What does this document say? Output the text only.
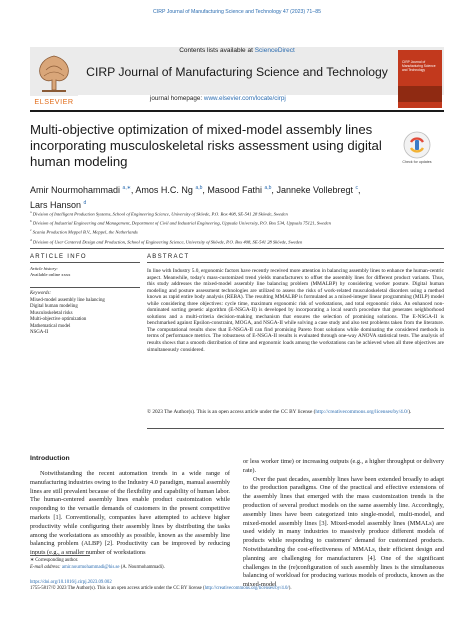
CIRP Journal of Manufacturing Science and Technology 47 (2023) 71–85
ELSEVIER
Contents lists available at ScienceDirect
CIRP Journal of Manufacturing Science and Technology
journal homepage: www.elsevier.com/locate/cirpj
CIRP Journal of Manufacturing Science and Technology
Multi-objective optimization of mixed-model assembly lines incorporating musculoskeletal risks assessment using digital human modeling	Check for updates
Amir Nourmohammadi $^{a,∗}$, Amos H.C. Ng $^{a,b}$, Masood Fathi $^{a,b}$, Janneke Vollebregt $^c$,
Lars Hanson $^d$
$^a$ Division of Intelligent Production Systems, School of Engineering Science, University of Skövde, P.O. Box 408, SE-541 28 Skövde, Sweden
$^b$ Division of Industrial Engineering and Management, Department of Civil and Industrial Engineering, Uppsala University, P.O. Box 534, Uppsala 75121, Sweden
$^c$ Scania Production Meppel B.V., Meppel, the Netherlands
$^d$ Division of User Centered Design and Production, School of Engineering Science, University of Skövde, P.O. Box 408, SE-541 28 Skövde, Sweden
ARTICLE INFO	ABSTRACT
Article history:
Available online xxxx
Keywords:
Mixed-model assembly line balancing
Digital human modeling
Musculoskeletal risks
Multi-objective optimization
Mathematical model
NSGA-II

In line with Industry 5.0, ergonomic factors have recently received more attention in balancing assembly lines to enhance the human-centric aspect. Meanwhile, today's mass-customized trend yields manufacturers to offset the assembly lines for different product variants. Thus, this study addresses the mixed-model assembly line balancing problem (MMALBP) by considering worker posture. Digital human modeling and posture assessment technologies are utilized to assess the risks of work-related musculoskeletal disorders using a method known as rapid entire body analysis (REBA). The resulting MMALBP is formulated as a mixed-integer linear programming (MILP) model while considering three objectives: cycle time, maximum ergonomic risk of workstations, and total ergonomic risks. An enhanced non-dominated sorting genetic algorithm (E-NSGA-II) is developed by incorporating a local search procedure that generates neighborhood solutions and a multi-criteria decision-making mechanism that ensures the selection of promising solutions. The E-NSGA-II is benchmarked against Epsilon-constraint, MOGA, and NSGA-II while solving a case study and also test problems taken from the literature. The computational results show that E-NSGA-II can find promising Pareto front solutions while dominating the considered methods in terms of performance metrics. The robustness of E-NSGA-II results is evaluated through one-way ANOVA statistical tests. The analysis of results shows that a smooth distribution of time and ergonomic loads among the workstations can be achieved when all three objectives are simultaneously considered.

© 2023 The Author(s). This is an open access article under the CC BY license (http://creativecommons.org/licenses/by/4.0/).
Introduction

Notwithstanding the recent automation trends in a wide range of manufacturing industries owing to the Industry 4.0 paradigm, manual assembly lines are still prevalent because of the flexibility and capability of human labor. The human-centered assembly lines enable product customization while responding to the versatile demands of customers in the present competitive markets [1]. Conventionally, companies have attempted to achieve higher productivity while configuring their assembly lines by distributing the tasks among the workstations as smoothly as possible, known as the assembly line balancing problem (ALBP) [2]. Productivity can be improved by reducing inputs (e.g., a smaller number of workstations

or less worker time) or increasing outputs (e.g., a higher throughput or delivery rate).

Over the past decades, assembly lines have been extended broadly to adapt to the production paradigms. One of the practical and effective extensions of the assembly lines that emerged with the mass customization trends is the production of several product models on the same assembly line. Accordingly, assembly lines have been categorized into single-model, multi-model, and mixed-model assembly lines [3]. Mixed-model assembly lines (MMALs) are used widely in many industries to massively produce different models of products while responding to customers' demand for customized products. Notwithstanding the cost-effectiveness of MMALs, their efficient design and planning are challenging for manufacturers [4]. One of the significant challenges in the (re)configuration of such assembly lines is the simultaneous balancing of workload for producing various models of products, known as the mixed-model

∗ Corresponding author.
E-mail address: amir.nourmohammadi@his.se (A. Nourmohammadi).
https://doi.org/10.1016/j.cirpj.2023.09.002
1755-5817/© 2023 The Author(s). This is an open access article under the CC BY license (http://creativecommons.org/licenses/by/4.0/).
